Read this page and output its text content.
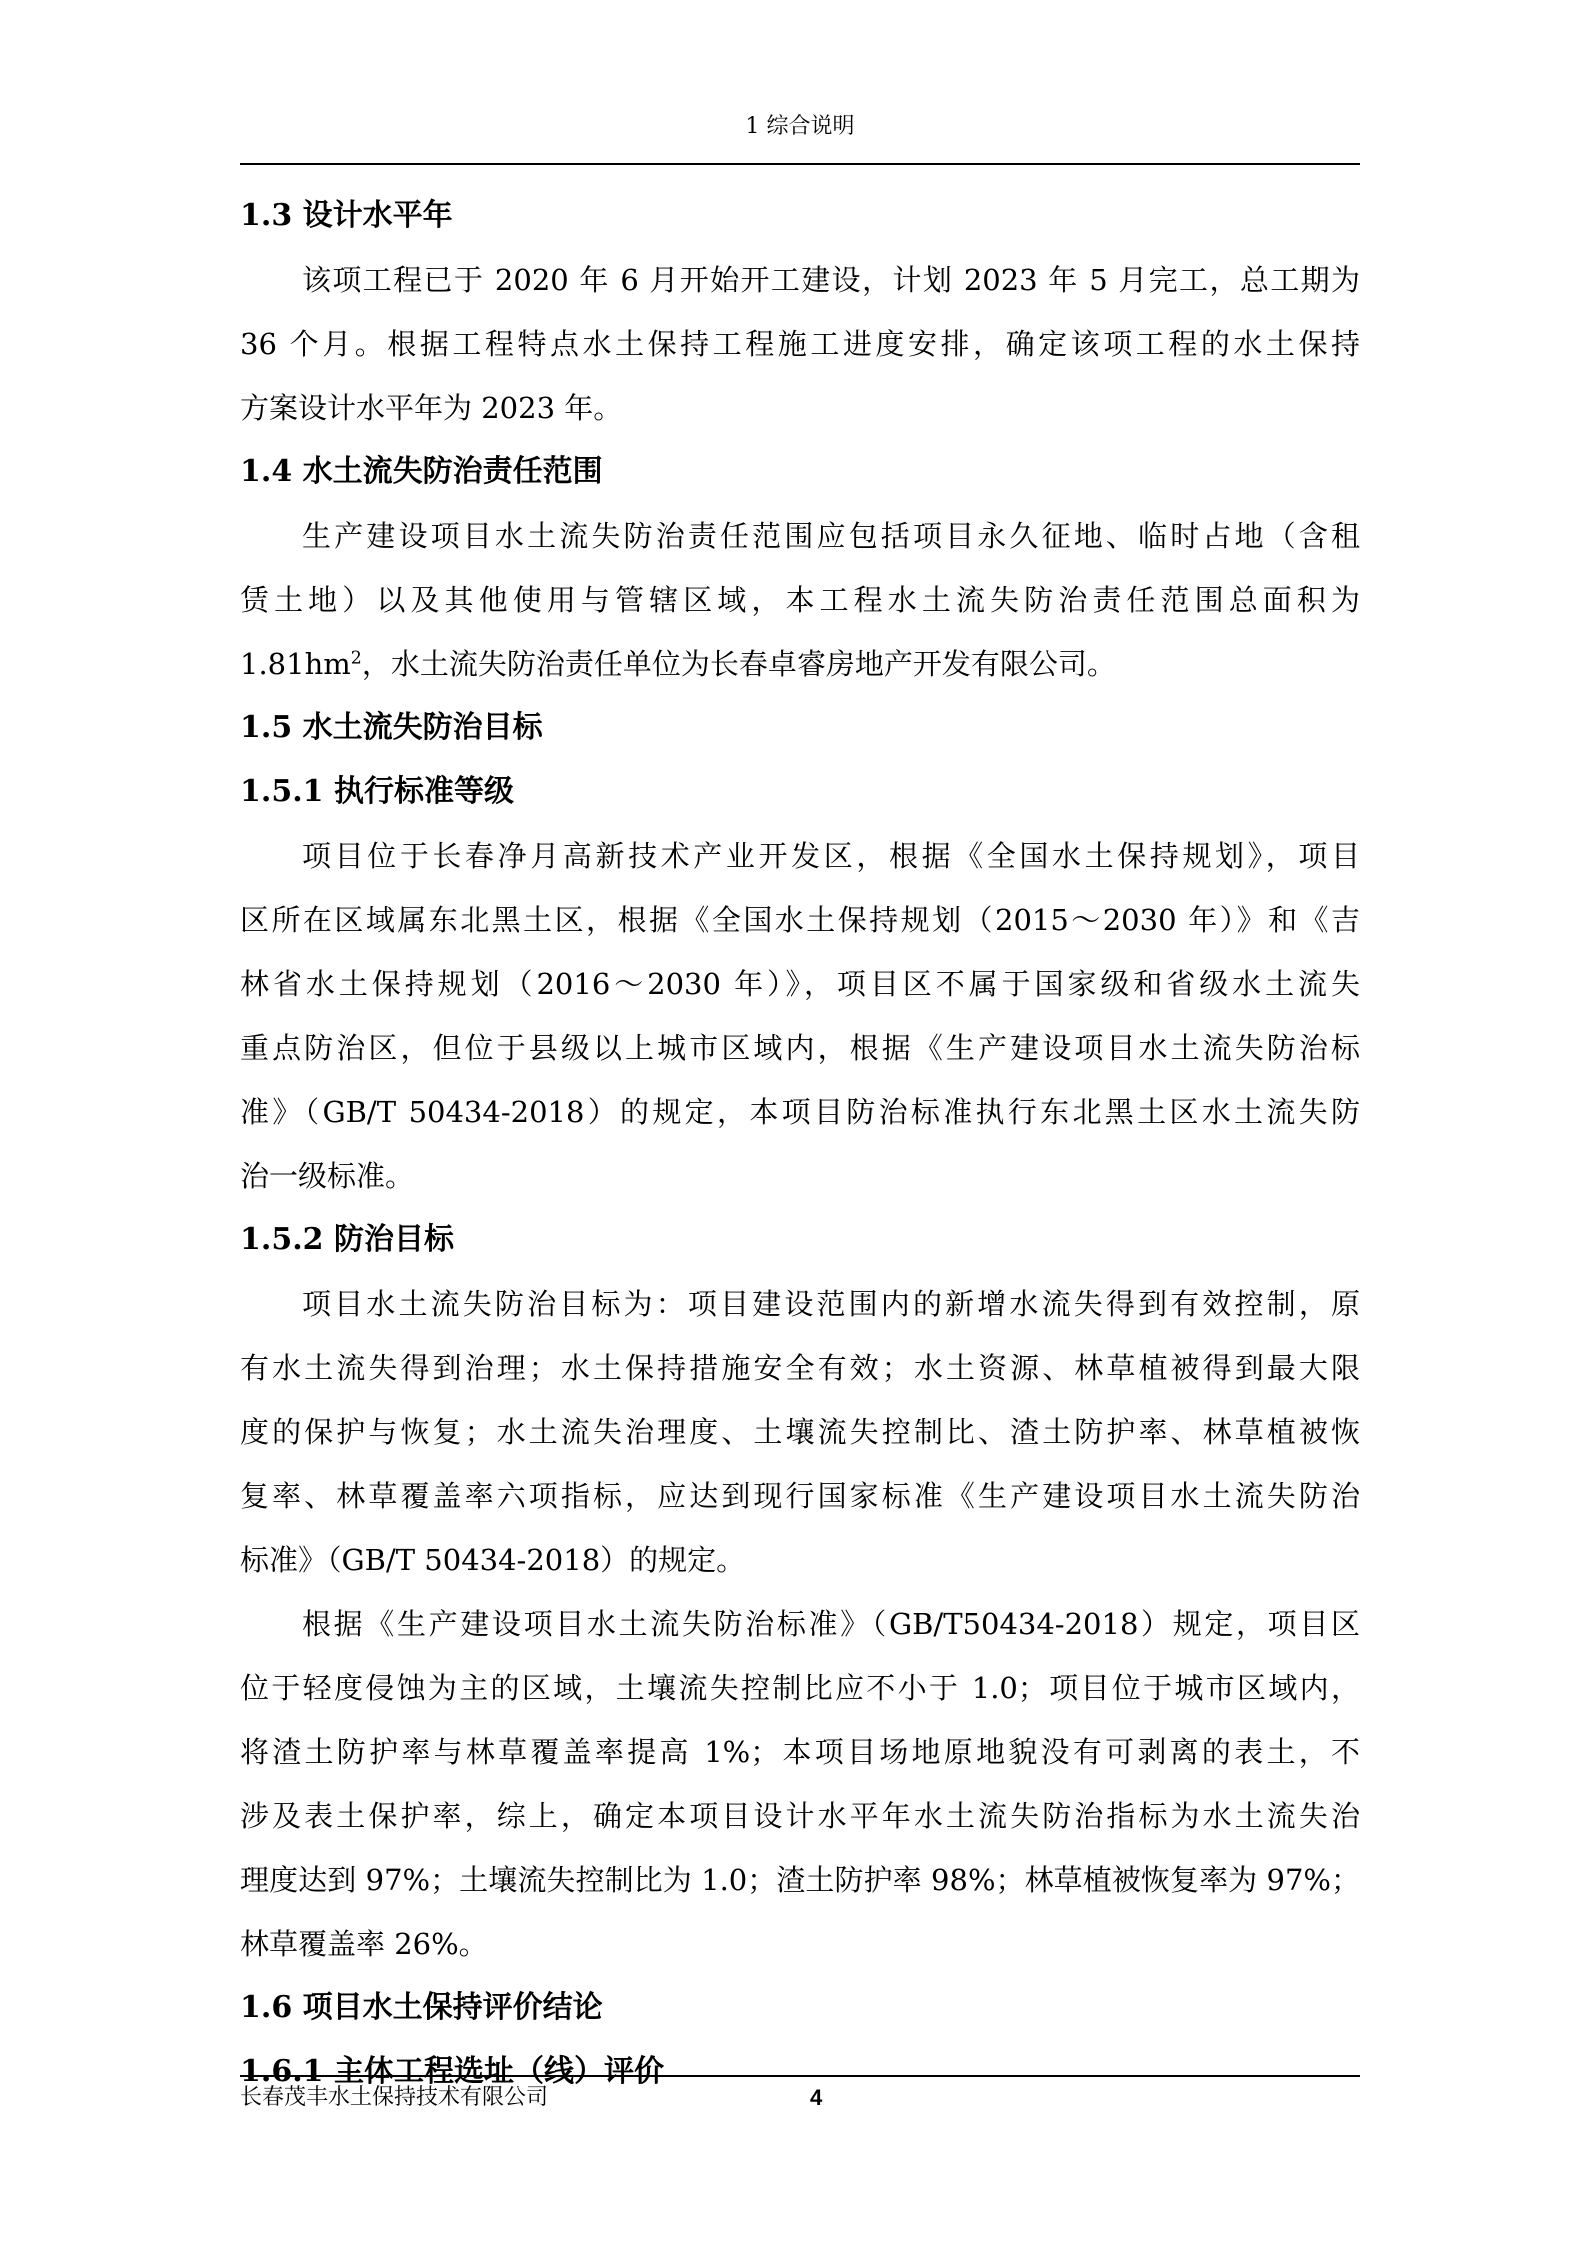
1 综合说明
1.3 设计水平年
该项工程已于 2020 年 6 月开始开工建设，计划 2023 年 5 月完工，总工期为
36 个月。根据工程特点水土保持工程施工进度安排，确定该项工程的水土保持
方案设计水平年为 2023 年。
1.4 水土流失防治责任范围
生产建设项目水土流失防治责任范围应包括项目永久征地、临时占地（含租
赁土地）以及其他使用与管辖区域，本工程水土流失防治责任范围总面积为
$1.81hm^2$，水土流失防治责任单位为长春卓睿房地产开发有限公司。
1.5 水土流失防治目标
1.5.1 执行标准等级
项目位于长春净月高新技术产业开发区，根据《全国水土保持规划》，项目
区所在区域属东北黑土区，根据《全国水土保持规划（2015～2030 年）》和《吉
林省水土保持规划（2016～2030 年）》，项目区不属于国家级和省级水土流失
重点防治区，但位于县级以上城市区域内，根据《生产建设项目水土流失防治标
准》（GB/T 50434-2018）的规定，本项目防治标准执行东北黑土区水土流失防
治一级标准。
1.5.2 防治目标
项目水土流失防治目标为：项目建设范围内的新增水流失得到有效控制，原
有水土流失得到治理；水土保持措施安全有效；水土资源、林草植被得到最大限
度的保护与恢复；水土流失治理度、土壤流失控制比、渣土防护率、林草植被恢
复率、林草覆盖率六项指标，应达到现行国家标准《生产建设项目水土流失防治
标准》（GB/T 50434-2018）的规定。
根据《生产建设项目水土流失防治标准》（GB/T50434-2018）规定，项目区
位于轻度侵蚀为主的区域，土壤流失控制比应不小于 1.0；项目位于城市区域内，
将渣土防护率与林草覆盖率提高 1%；本项目场地原地貌没有可剥离的表土，不
涉及表土保护率，综上，确定本项目设计水平年水土流失防治指标为水土流失治
理度达到 97%；土壤流失控制比为 1.0；渣土防护率 98%；林草植被恢复率为 97%；
林草覆盖率 26%。
1.6 项目水土保持评价结论
1.6.1 主体工程选址（线）评价
长春茂丰水土保持技术有限公司	4
